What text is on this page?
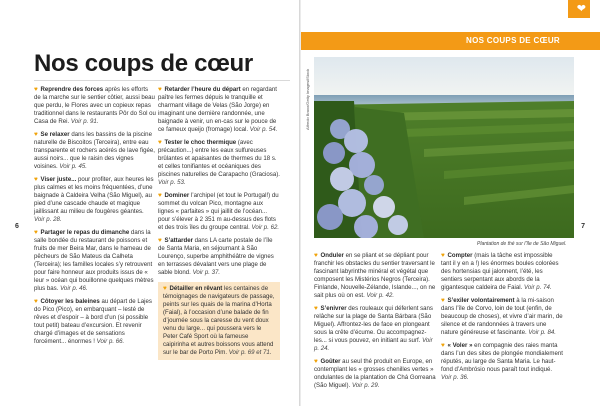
Nos coups de cœur

♥ Reprendre des forces après les efforts de la marche sur le sentier côtier, aussi beau que perdu, le Flores avec un copieux repas traditionnel dans le restaurants Pôr do Sol ou Casa de Rei. Voir p. 91.

♥ Se relaxer dans les bassins de la piscine naturelle de Biscoitos (Terceira), entre eau transparente et rochers acérés de lave figée, aussi noirs... que le raisin des vignes voisines. Voir p. 45.

♥ Viser juste... pour profiter, aux heures les plus calmes et les moins fréquentées, d’une baignade à Caldeira Velha (São Miguel), au pied d’une cascade chaude et magique jaillissant au milieu de fougères géantes. Voir p. 28.

♥ Partager le repas du dimanche dans la salle bondée du restaurant de poissons et fruits de mer Beira Mar, dans le hameau de pêcheurs de São Mateus da Calheta (Terceira); les familles locales s’y retrouvent pour faire honneur aux produits issus de « leur » océan qui bouillonne quelques mètres plus bas. Voir p. 46.

♥ Côtoyer les baleines au départ de Lajes do Pico (Pico), en embarquant – lesté de rêves et d’espoir – à bord d’un (si possible tout petit) bateau d’excursion. Et revenir chargé d’images et de sensations forcément... énormes ! Voir p. 66.

♥ Retarder l’heure du départ en regardant paître les fermes dépuis le tranquille et charmant village de Velas (São Jorge) en imaginant une dernière randonnée, une baignade à venir, un en-cas sur le pouce de ce fameux queijo (fromage) local. Voir p. 54.

♥ Tester le choc thermique (avec précaution...) entre les eaux sulfureuses brûlantes et apaisantes de thermes du 18 s. et celles tonifiantes et océaniques des piscines naturelles de Carapacho (Graciosa). Voir p. 53.

♥ Dominer l’archipel (et tout le Portugal!) du sommet du volcan Pico, montagne aux lignes « parfaites » qui jaillit de l’océan... pour s’élever à 2 351 m au-dessus des flots et des trois îles du groupe central. Voir p. 62.

♥ S’attarder dans LA carte postale de l’île de Santa Maria, en séjournant à São Lourenço, superbe amphithéâtre de vignes en terrasses dévalant vers une plage de sable blond. Voir p. 37.

♥ Détailler en rêvant les centaines de témoignages de navigateurs de passage, peints sur les quais de la marina d’Horta (Faial), à l’occasion d’une balade de fin d’journée sous la caresse du vent doux venu du large... qui poussera vers le Peter Café Sport où la fameuse caipirinha et autres boissons vous attend sur le bar de Porto Pim. Voir p. 69 et 71.
6
NOS COUPS DE CŒUR
❤
Alfredo Bravo/Getty Images/iStock
Plantation de thé sur l’île de São Miguel.
7

♥ Onduler en se pliant et se dépliant pour franchir les obstacles du sentier traversant le fascinant labyrinthe minéral et végétal que composent les Mistérios Negros (Terceira). Finlande, Nouvelle-Zélande, Islande..., on ne sait plus où on est. Voir p. 42.

♥ S’enivrer des rouleaux qui déferlent sans relâche sur la plage de Santa Bárbara (São Miguel). Affrontez-les de face en plongeant sous la crête d’écume. Ou accompagnez-les... si vous pouvez, en initiant au surf. Voir p. 24.

♥ Goûter au seul thé produit en Europe, en contemplant les « grosses chenilles vertes » ondulantes de la plantation de Chá Gorreana (São Miguel). Voir p. 29.

♥ Compter (mais la tâche est impossible tant il y en a !) les énormes boules colorées des hortensias qui jalonnent, l’été, les sentiers serpentant aux abords de la gigantesque caldeira de Faial. Voir p. 74.

♥ S’exiler volontairement à la mi-saison dans l’île de Corvo, loin de tout (enfin, de beaucoup de choses), et vivre d’air marin, de silence et de randonnées à travers une nature généreuse et fascinante. Voir p. 84.

♥ « Voler » en compagnie des raies manta dans l’un des sites de plongée mondialement réputés, au large de Santa Maria. Le haut-fond d’Ambrósio nous paraît tout indiqué. Voir p. 36.
